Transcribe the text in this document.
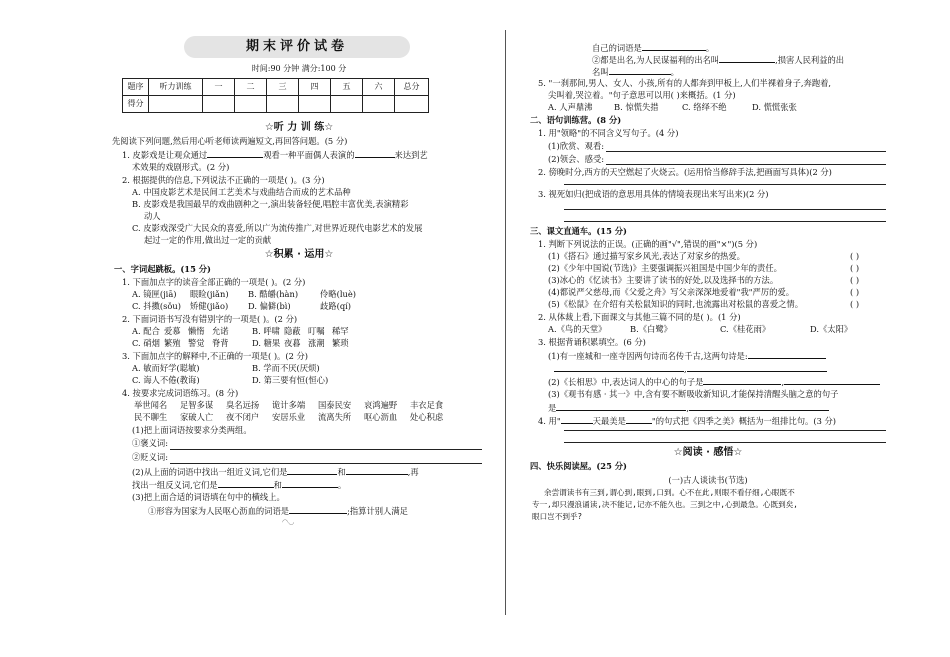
期末评价试卷
时间:90 分钟 满分:100 分
题序	听力训练	一	二	三	四	五	六	总分
得分								
☆听 力 训 练☆
先阅读下列问题,然后用心听老师读两遍短文,再回答问题。(5 分)
1. 皮影戏是让观众通过	观看一种平面偶人表演的	来达到艺
术效果的戏剧形式。(2 分)
2. 根据提供的信息,下列说法不正确的一项是( )。(3 分)
A. 中国皮影艺术是民间工艺美术与戏曲结合而成的艺术品种
B. 皮影戏是我国最早的戏曲剧种之一,演出装备轻便,唱腔丰富优美,表演精彩
动人
C. 皮影戏深受广大民众的喜爱,所以广为流传推广,对世界近现代电影艺术的发展
起过一定的作用,做出过一定的贡献
☆积累 · 运用☆
一、字词起跳板。(15 分)
1. 下面加点字的读音全部正确的一项是( )。(2 分)
A. 镜匣(jiā) 眼睑(jiǎn) B. 酷皭(hàn)	伶略(luè)
C. 抖擞(sǒu) 矫健(jiǎo) D. 偏僻(bì)	歧路(qí)
2. 下面词语书写没有错别字的一项是( )。(2 分)
A. 配合 爱慕 懒惰 允诺	B. 呼啸 隐蔽 叮嘱 稀罕
C. 硝烟 繁殖 警觉 脊背	D. 糖果 夜暮 涨潮 繁琐
3. 下面加点字的解释中,不正确的一项是( )。(2 分)
A. 敏而好学(聪敏)	B. 学而不厌(厌烦)
C. 诲人不倦(教诲)	D. 第三要有恒(恒心)
4. 按要求完成词语练习。(8 分)
举世闻名 足智多谋 臭名远扬 诡计多端 国泰民安 哀鸿遍野 丰衣足食
民不聊生 家破人亡 夜不闭户 安居乐业 流离失所 呕心沥血 处心积虑
(1)把上面词语按要求分类两组。
①褒义词:
②贬义词:
(2)从上面的词语中找出一组近义词,它们是	和	,再
找出一组反义词,它们是	和	。
(3)把上面合适的词语填在句中的横线上。
①形容为国家为人民呕心沥血的词语是	;指算计别人满足
◠◡
自己的词语是	。
②都是出名,为人民谋福利的出名叫	,损害人民利益的出
名叫	。
5. "一刹那间,男人、女人、小孩,所有的人都奔到甲板上,人们半裸着身子,奔跑着,
尖叫着,哭泣着。"句子意思可以用( )来概括。(1 分)
A. 人声鼎沸	B. 惊慌失措	C. 络绎不绝	D. 慌慌张张
二、语句训练营。(8 分)
1. 用"领略"的不同含义写句子。(4 分)
(1)欣赏、观看:
(2)领会、感受:
2. 傍晚时分,西方的天空燃起了火烧云。(运用恰当修辞手法,把画面写具体)(2 分)
3. 视死如归(把成语的意思用具体的情境表现出来写出来)(2 分)
三、课文直通车。(15 分)
1. 判断下列说法的正误。(正确的画"√",错误的画"×")(5 分)
(1)《搭石》通过描写家乡风光,表达了对家乡的热爱。	( )
(2)《少年中国说(节选)》主要强调振兴祖国是中国少年的责任。	( )
(3)冰心的《忆读书》主要讲了读书的好处,以及选择书的方法。	( )
(4)都说严父慈母,而《父爱之舟》写父亲深深地爱着"我"严厉的爱。	( )
(5)《松鼠》在介绍有关松鼠知识的同时,也流露出对松鼠的喜爱之情。	( )
2. 从体裁上看,下面课文与其他三篇不同的是( )。(1 分)
A.《鸟的天堂》	B.《白鹭》	C.《桂花雨》	D.《太阳》
3. 根据背诵积累填空。(6 分)
(1)有一座城和一座寺因两句诗而名传千古,这两句诗是:
,
(2)《长相思》中,表达词人的中心的句子是	,
(3)《观书有感 · 其一》中,含有要不断吸收新知识,才能保持清醒头脑之意的句子
是	,
4. 用"	天最美是	"的句式把《四季之美》概括为一组排比句。(3 分)
☆阅读 · 感悟☆
四、快乐阅读屋。(25 分)
(一)古人谈读书(节选)
余尝谓读书有三到,谓心到,眼到,口到。心不在此,则眼不看仔细,心眼既不
专一,却只漫浪诵读,决不能记,记亦不能久也。三到之中,心到最急。心既到矣,
眼口岂不到乎?
